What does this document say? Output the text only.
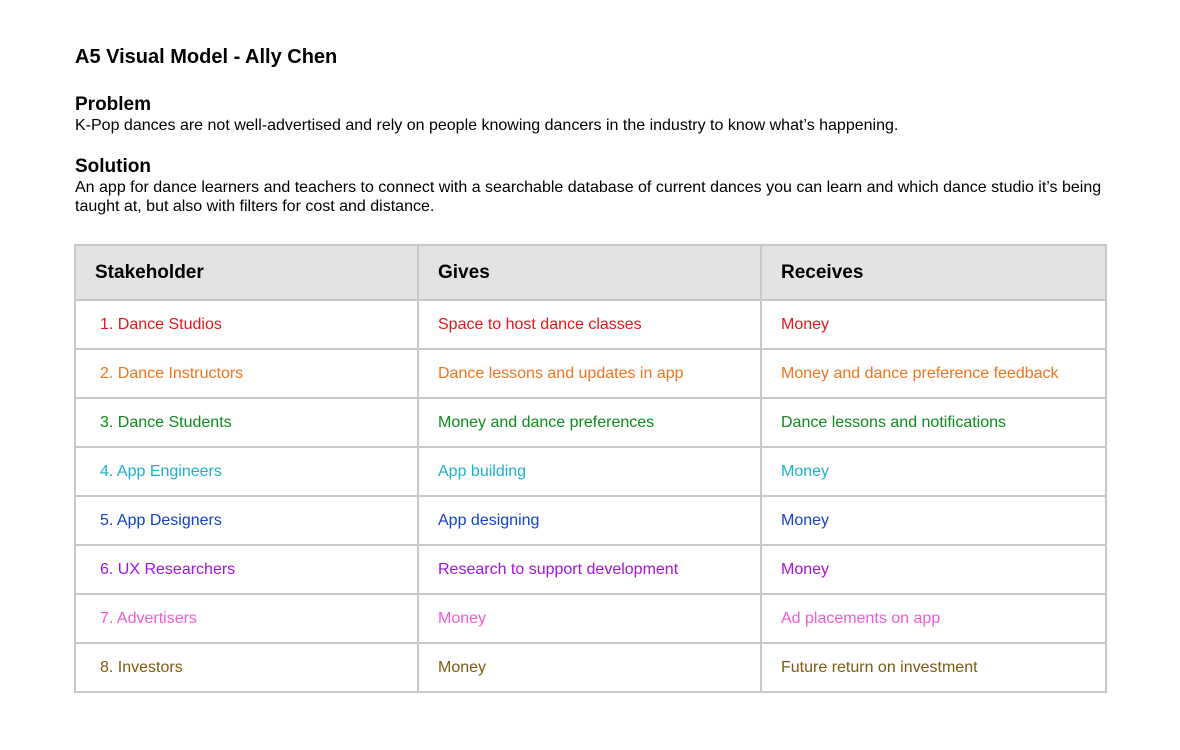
A5 Visual Model - Ally Chen
Problem

K-Pop dances are not well-advertised and rely on people knowing dancers in the industry to know what’s happening.

Solution

An app for dance learners and teachers to connect with a searchable database of current dances you can learn and which dance studio it’s being taught at, but also with filters for cost and distance.

Stakeholder	Gives	Receives
1. Dance Studios	Space to host dance classes	Money
2. Dance Instructors	Dance lessons and updates in app	Money and dance preference feedback
3. Dance Students	Money and dance preferences	Dance lessons and notifications
4. App Engineers	App building	Money
5. App Designers	App designing	Money
6. UX Researchers	Research to support development	Money
7. Advertisers	Money	Ad placements on app
8. Investors	Money	Future return on investment
